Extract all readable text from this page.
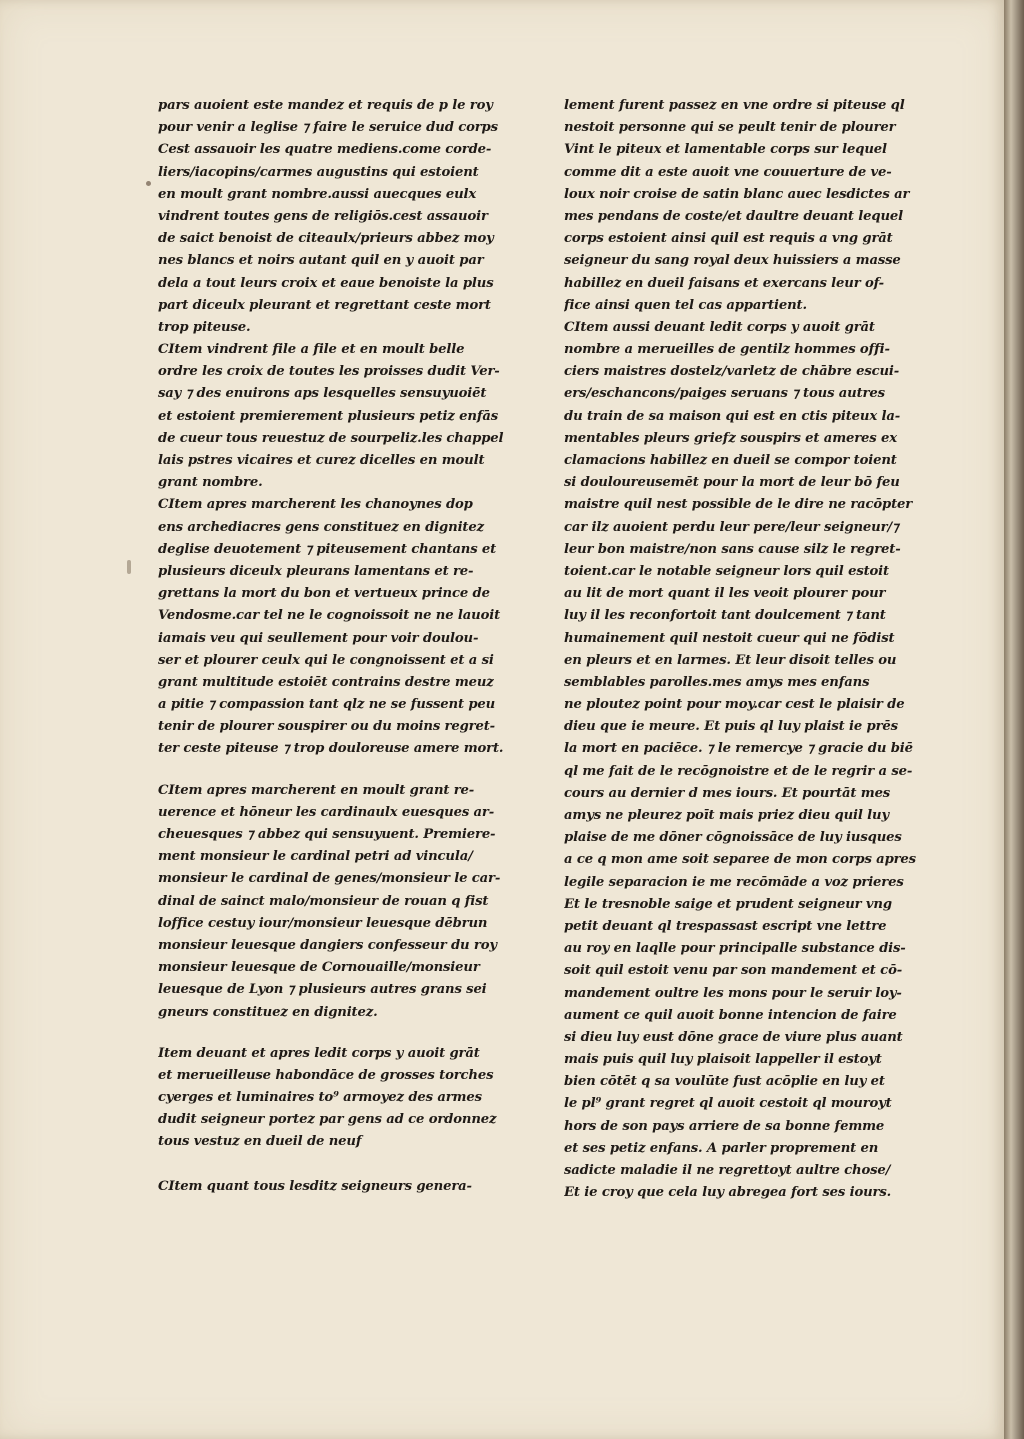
pars auoient este mandez et requis de p le roy
pour venir a leglise ⁊ faire le seruice dud corps
Cest assauoir les quatre mediens.come corde-
liers/iacopins/carmes augustins qui estoient
en moult grant nombre.aussi auecques eulx
vindrent toutes gens de religiōs.cest assauoir
de saict benoist de citeaulx/prieurs abbez moy
nes blancs et noirs autant quil en y auoit par
dela a tout leurs croix et eaue benoiste la plus
part diceulx pleurant et regrettant ceste mort
trop piteuse.
CItem vindrent file a file et en moult belle
ordre les croix de toutes les proisses dudit Ver-
say ⁊ des enuirons aps lesquelles sensuyuoiēt
et estoient premierement plusieurs petiz enfās
de cueur tous reuestuz de sourpeliz.les chappel
lais pstres vicaires et curez dicelles en moult
grant nombre.
CItem apres marcherent les chanoynes dop
ens archediacres gens constituez en dignitez
deglise deuotement ⁊ piteusement chantans et
plusieurs diceulx pleurans lamentans et re-
grettans la mort du bon et vertueux prince de
Vendosme.car tel ne le cognoissoit ne ne lauoit
iamais veu qui seullement pour voir doulou-
ser et plourer ceulx qui le congnoissent et a si
grant multitude estoiēt contrains destre meuz
a pitie ⁊ compassion tant qlz ne se fussent peu
tenir de plourer souspirer ou du moins regret-
ter ceste piteuse ⁊ trop douloreuse amere mort.
CItem apres marcherent en moult grant re-
uerence et hōneur les cardinaulx euesques ar-
cheuesques ⁊ abbez qui sensuyuent. Premiere-
ment monsieur le cardinal petri ad vincula/
monsieur le cardinal de genes/monsieur le car-
dinal de sainct malo/monsieur de rouan q fist
loffice cestuy iour/monsieur leuesque dēbrun
monsieur leuesque dangiers confesseur du roy
monsieur leuesque de Cornouaille/monsieur
leuesque de Lyon ⁊ plusieurs autres grans sei
gneurs constituez en dignitez.
Item deuant et apres ledit corps y auoit grāt
et merueilleuse habondāce de grosses torches
cyerges et luminaires to⁹ armoyez des armes
dudit seigneur portez par gens ad ce ordonnez
tous vestuz en dueil de neuf
CItem quant tous lesditz seigneurs genera-
lement furent passez en vne ordre si piteuse ql
nestoit personne qui se peult tenir de plourer
Vint le piteux et lamentable corps sur lequel
comme dit a este auoit vne couuerture de ve-
loux noir croise de satin blanc auec lesdictes ar
mes pendans de coste/et daultre deuant lequel
corps estoient ainsi quil est requis a vng grāt
seigneur du sang royal deux huissiers a masse
habillez en dueil faisans et exercans leur of-
fice ainsi quen tel cas appartient.
CItem aussi deuant ledit corps y auoit grāt
nombre a merueilles de gentilz hommes offi-
ciers maistres dostelz/varletz de chābre escui-
ers/eschancons/paiges seruans ⁊ tous autres
du train de sa maison qui est en ctis piteux la-
mentables pleurs griefz souspirs et ameres ex
clamacions habillez en dueil se compor toient
si douloureusemēt pour la mort de leur bō feu
maistre quil nest possible de le dire ne racōpter
car ilz auoient perdu leur pere/leur seigneur/⁊
leur bon maistre/non sans cause silz le regret-
toient.car le notable seigneur lors quil estoit
au lit de mort quant il les veoit plourer pour
luy il les reconfortoit tant doulcement ⁊ tant
humainement quil nestoit cueur qui ne fōdist
en pleurs et en larmes. Et leur disoit telles ou
semblables parolles.mes amys mes enfans
ne ploutez point pour moy.car cest le plaisir de
dieu que ie meure. Et puis ql luy plaist ie prēs
la mort en paciēce. ⁊ le remercye ⁊ gracie du biē
ql me fait de le recōgnoistre et de le regrir a se-
cours au dernier d mes iours. Et pourtāt mes
amys ne pleurez poīt mais priez dieu quil luy
plaise de me dōner cōgnoissāce de luy iusques
a ce q mon ame soit separee de mon corps apres
legile separacion ie me recōmāde a voz prieres
Et le tresnoble saige et prudent seigneur vng
petit deuant ql trespassast escript vne lettre
au roy en laqlle pour principalle substance dis-
soit quil estoit venu par son mandement et cō-
mandement oultre les mons pour le seruir loy-
aument ce quil auoit bonne intencion de faire
si dieu luy eust dōne grace de viure plus auant
mais puis quil luy plaisoit lappeller il estoyt
bien cōtēt q sa voulūte fust acōplie en luy et
le pl⁹ grant regret ql auoit cestoit ql mouroyt
hors de son pays arriere de sa bonne femme
et ses petiz enfans. A parler proprement en
sadicte maladie il ne regrettoyt aultre chose/
Et ie croy que cela luy abregea fort ses iours.
